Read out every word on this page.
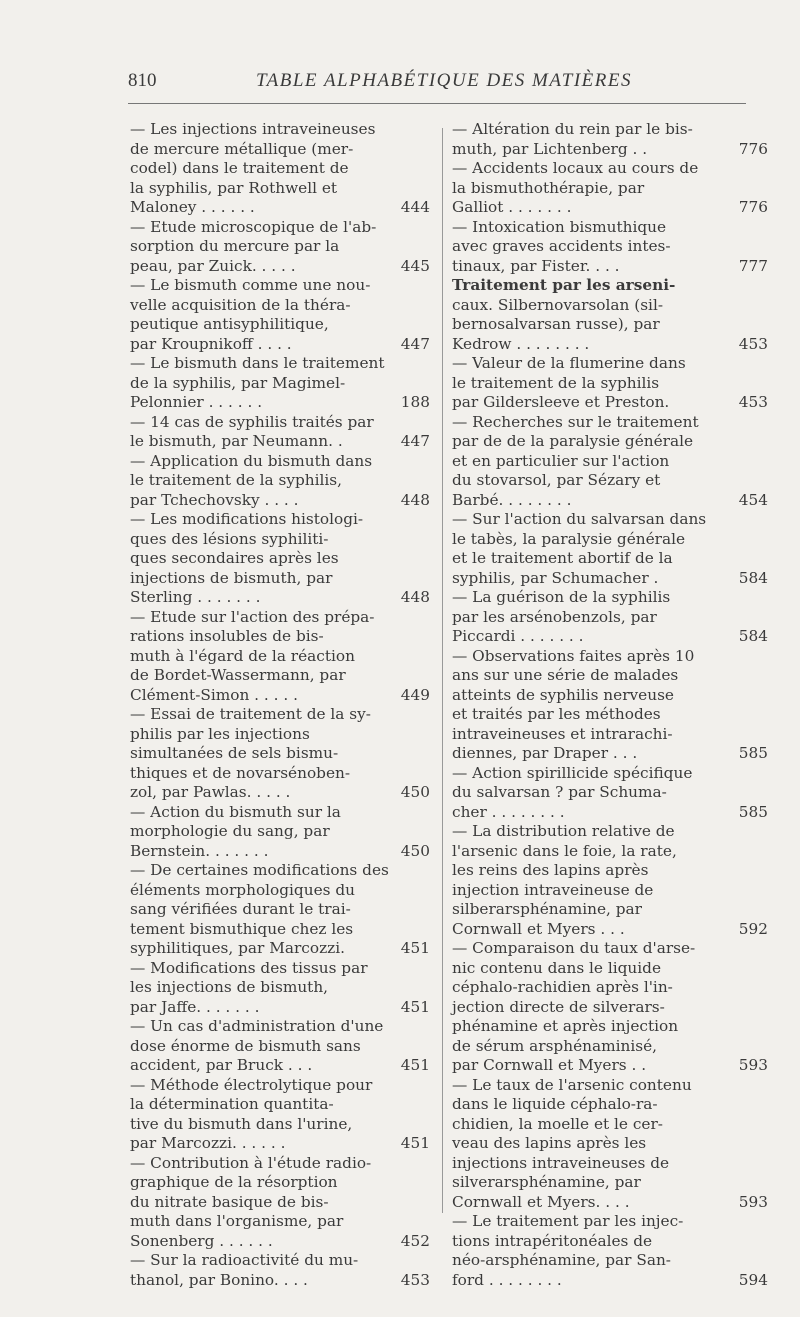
810	TABLE ALPHABÉTIQUE DES MATIÈRES
— Les injections intraveineuses
de mercure métallique (mer-
codel) dans le traitement de
la syphilis, par Rothwell et
Maloney . . . . . .	444
— Etude microscopique de l'ab-
sorption du mercure par la
peau, par Zuick. . . . .	445
— Le bismuth comme une nou-
velle acquisition de la théra-
peutique antisyphilitique,
par Kroupnikoff . . . .	447
— Le bismuth dans le traitement
de la syphilis, par Magimel-
Pelonnier . . . . . .	188
— 14 cas de syphilis traités par
le bismuth, par Neumann. .	447
— Application du bismuth dans
le traitement de la syphilis,
par Tchechovsky . . . .	448
— Les modifications histologi-
ques des lésions syphiliti-
ques secondaires après les
injections de bismuth, par
Sterling . . . . . . .	448
— Etude sur l'action des prépa-
rations insolubles de bis-
muth à l'égard de la réaction
de Bordet-Wassermann, par
Clément-Simon . . . . .	449
— Essai de traitement de la sy-
philis par les injections
simultanées de sels bismu-
thiques et de novarsénoben-
zol, par Pawlas. . . . .	450
— Action du bismuth sur la
morphologie du sang, par
Bernstein. . . . . . .	450
— De certaines modifications des
éléments morphologiques du
sang vérifiées durant le trai-
tement bismuthique chez les
syphilitiques, par Marcozzi.	451
— Modifications des tissus par
les injections de bismuth,
par Jaffe. . . . . . .	451
— Un cas d'administration d'une
dose énorme de bismuth sans
accident, par Bruck . . .	451
— Méthode électrolytique pour
la détermination quantita-
tive du bismuth dans l'urine,
par Marcozzi. . . . . .	451
— Contribution à l'étude radio-
graphique de la résorption
du nitrate basique de bis-
muth dans l'organisme, par
Sonenberg . . . . . .	452
— Sur la radioactivité du mu-
thanol, par Bonino. . . .	453
— Altération du rein par le bis-
muth, par Lichtenberg . .	776
— Accidents locaux au cours de
la bismuthothérapie, par
Galliot . . . . . . .	776
— Intoxication bismuthique
avec graves accidents intes-
tinaux, par Fister. . . .	777
Traitement par les arseni-
caux. Silbernovarsolan (sil-
bernosalvarsan russe), par
Kedrow . . . . . . . .	453
— Valeur de la flumerine dans
le traitement de la syphilis
par Gildersleeve et Preston.	453
— Recherches sur le traitement
par de de la paralysie générale
et en particulier sur l'action
du stovarsol, par Sézary et
Barbé. . . . . . . .	454
— Sur l'action du salvarsan dans
le tabès, la paralysie générale
et le traitement abortif de la
syphilis, par Schumacher .	584
— La guérison de la syphilis
par les arsénobenzols, par
Piccardi . . . . . . .	584
— Observations faites après 10
ans sur une série de malades
atteints de syphilis nerveuse
et traités par les méthodes
intraveineuses et intrarachi-
diennes, par Draper . . .	585
— Action spirillicide spécifique
du salvarsan ? par Schuma-
cher . . . . . . . .	585
— La distribution relative de
l'arsenic dans le foie, la rate,
les reins des lapins après
injection intraveineuse de
silberarsphénamine, par
Cornwall et Myers . . .	592
— Comparaison du taux d'arse-
nic contenu dans le liquide
céphalo-rachidien après l'in-
jection directe de silverars-
phénamine et après injection
de sérum arsphénaminisé,
par Cornwall et Myers . .	593
— Le taux de l'arsenic contenu
dans le liquide céphalo-ra-
chidien, la moelle et le cer-
veau des lapins après les
injections intraveineuses de
silverarsphénamine, par
Cornwall et Myers. . . .	593
— Le traitement par les injec-
tions intrapéritonéales de
néo-arsphénamine, par San-
ford . . . . . . . .	594
